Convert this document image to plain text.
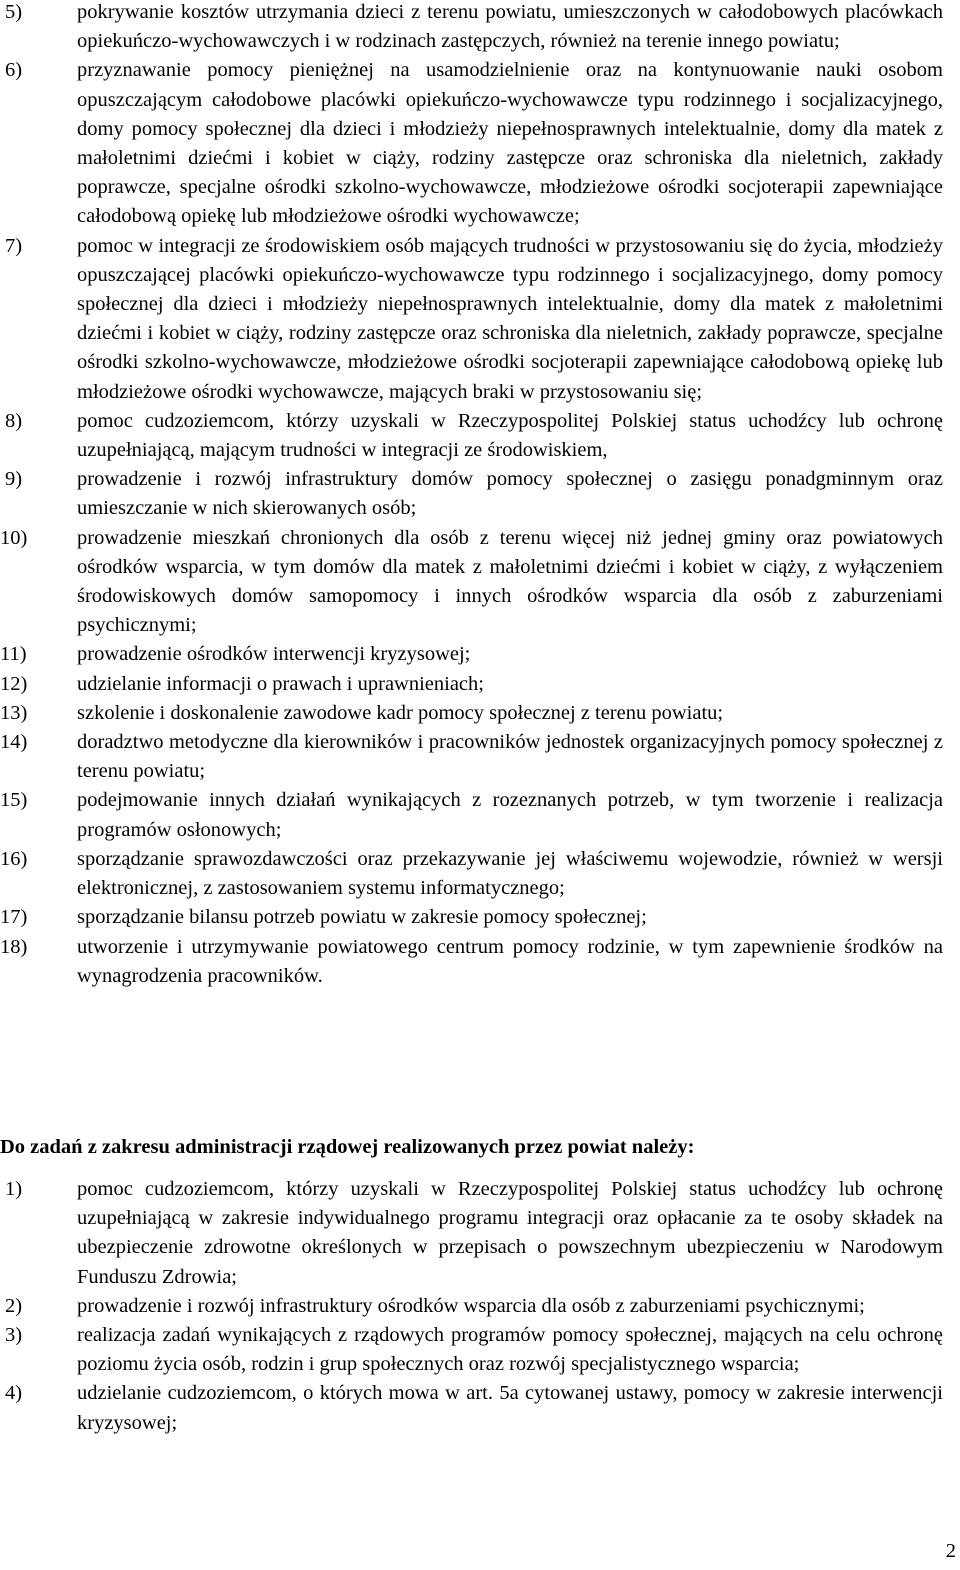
5)	pokrywanie kosztów utrzymania dzieci z terenu powiatu, umieszczonych w całodobowych placówkach opiekuńczo-wychowawczych i w rodzinach zastępczych, również na terenie innego powiatu;
6)	przyznawanie pomocy pieniężnej na usamodzielnienie oraz na kontynuowanie nauki osobom opuszczającym całodobowe placówki opiekuńczo-wychowawcze typu rodzinnego i socjalizacyjnego, domy pomocy społecznej dla dzieci i młodzieży niepełnosprawnych intelektualnie, domy dla matek z małoletnimi dziećmi i kobiet w ciąży, rodziny zastępcze oraz schroniska dla nieletnich, zakłady poprawcze, specjalne ośrodki szkolno-wychowawcze, młodzieżowe ośrodki socjoterapii zapewniające całodobową opiekę lub młodzieżowe ośrodki wychowawcze;
7)	pomoc w integracji ze środowiskiem osób mających trudności w przystosowaniu się do życia, młodzieży opuszczającej placówki opiekuńczo-wychowawcze typu rodzinnego i socjalizacyjnego, domy pomocy społecznej dla dzieci i młodzieży niepełnosprawnych intelektualnie, domy dla matek z małoletnimi dziećmi i kobiet w ciąży, rodziny zastępcze oraz schroniska dla nieletnich, zakłady poprawcze, specjalne ośrodki szkolno-wychowawcze, młodzieżowe ośrodki socjoterapii zapewniające całodobową opiekę lub młodzieżowe ośrodki wychowawcze, mających braki w przystosowaniu się;
8)	pomoc cudzoziemcom, którzy uzyskali w Rzeczypospolitej Polskiej status uchodźcy lub ochronę uzupełniającą, mającym trudności w integracji ze środowiskiem,
9)	prowadzenie i rozwój infrastruktury domów pomocy społecznej o zasięgu ponadgminnym oraz umieszczanie w nich skierowanych osób;
10) prowadzenie mieszkań chronionych dla osób z terenu więcej niż jednej gminy oraz powiatowych ośrodków wsparcia, w tym domów dla matek z małoletnimi dziećmi i kobiet w ciąży, z wyłączeniem środowiskowych domów samopomocy i innych ośrodków wsparcia dla osób z zaburzeniami psychicznymi;
11) prowadzenie ośrodków interwencji kryzysowej;
12) udzielanie informacji o prawach i uprawnieniach;
13) szkolenie i doskonalenie zawodowe kadr pomocy społecznej z terenu powiatu;
14) doradztwo metodyczne dla kierowników i pracowników jednostek organizacyjnych pomocy społecznej z terenu powiatu;
15) podejmowanie innych działań wynikających z rozeznanych potrzeb, w tym tworzenie i realizacja programów osłonowych;
16) sporządzanie sprawozdawczości oraz przekazywanie jej właściwemu wojewodzie, również w wersji elektronicznej, z zastosowaniem systemu informatycznego;
17) sporządzanie bilansu potrzeb powiatu w zakresie pomocy społecznej;
18) utworzenie i utrzymywanie powiatowego centrum pomocy rodzinie, w tym zapewnienie środków na wynagrodzenia pracowników.
Do zadań z zakresu administracji rządowej realizowanych przez powiat należy:
1)	pomoc cudzoziemcom, którzy uzyskali w Rzeczypospolitej Polskiej status uchodźcy lub ochronę uzupełniającą w zakresie indywidualnego programu integracji oraz opłacanie za te osoby składek na ubezpieczenie zdrowotne określonych w przepisach o powszechnym ubezpieczeniu w Narodowym Funduszu Zdrowia;
2)	prowadzenie i rozwój infrastruktury ośrodków wsparcia dla osób z zaburzeniami psychicznymi;
3)	realizacja zadań wynikających z rządowych programów pomocy społecznej, mających na celu ochronę poziomu życia osób, rodzin i grup społecznych oraz rozwój specjalistycznego wsparcia;
4)	udzielanie cudzoziemcom, o których mowa w art. 5a cytowanej ustawy, pomocy w zakresie interwencji kryzysowej;
2
